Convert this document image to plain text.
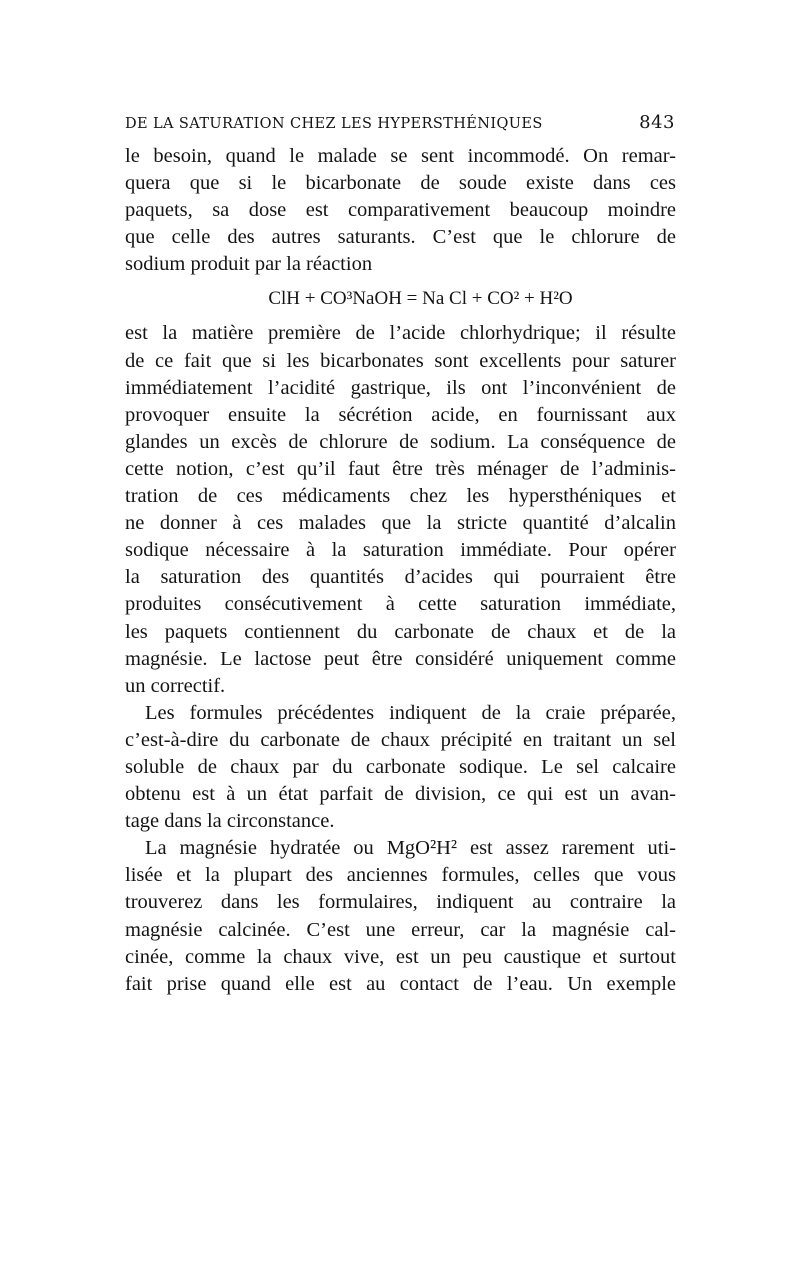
DE LA SATURATION CHEZ LES HYPERSTHÉNIQUES	843
le besoin, quand le malade se sent incommodé. On remar-
quera que si le bicarbonate de soude existe dans ces
paquets, sa dose est comparativement beaucoup moindre
que celle des autres saturants. C’est que le chlorure de
sodium produit par la réaction
ClH + CO³NaOH = Na Cl + CO² + H²O
est la matière première de l’acide chlorhydrique; il résulte
de ce fait que si les bicarbonates sont excellents pour saturer
immédiatement l’acidité gastrique, ils ont l’inconvénient de
provoquer ensuite la sécrétion acide, en fournissant aux
glandes un excès de chlorure de sodium. La conséquence de
cette notion, c’est qu’il faut être très ménager de l’adminis-
tration de ces médicaments chez les hypersthéniques et
ne donner à ces malades que la stricte quantité d’alcalin
sodique nécessaire à la saturation immédiate. Pour opérer
la saturation des quantités d’acides qui pourraient être
produites consécutivement à cette saturation immédiate,
les paquets contiennent du carbonate de chaux et de la
magnésie. Le lactose peut être considéré uniquement comme
un correctif.
Les formules précédentes indiquent de la craie préparée,
c’est-à-dire du carbonate de chaux précipité en traitant un sel
soluble de chaux par du carbonate sodique. Le sel calcaire
obtenu est à un état parfait de division, ce qui est un avan-
tage dans la circonstance.
La magnésie hydratée ou MgO²H² est assez rarement uti-
lisée et la plupart des anciennes formules, celles que vous
trouverez dans les formulaires, indiquent au contraire la
magnésie calcinée. C’est une erreur, car la magnésie cal-
cinée, comme la chaux vive, est un peu caustique et surtout
fait prise quand elle est au contact de l’eau. Un exemple
